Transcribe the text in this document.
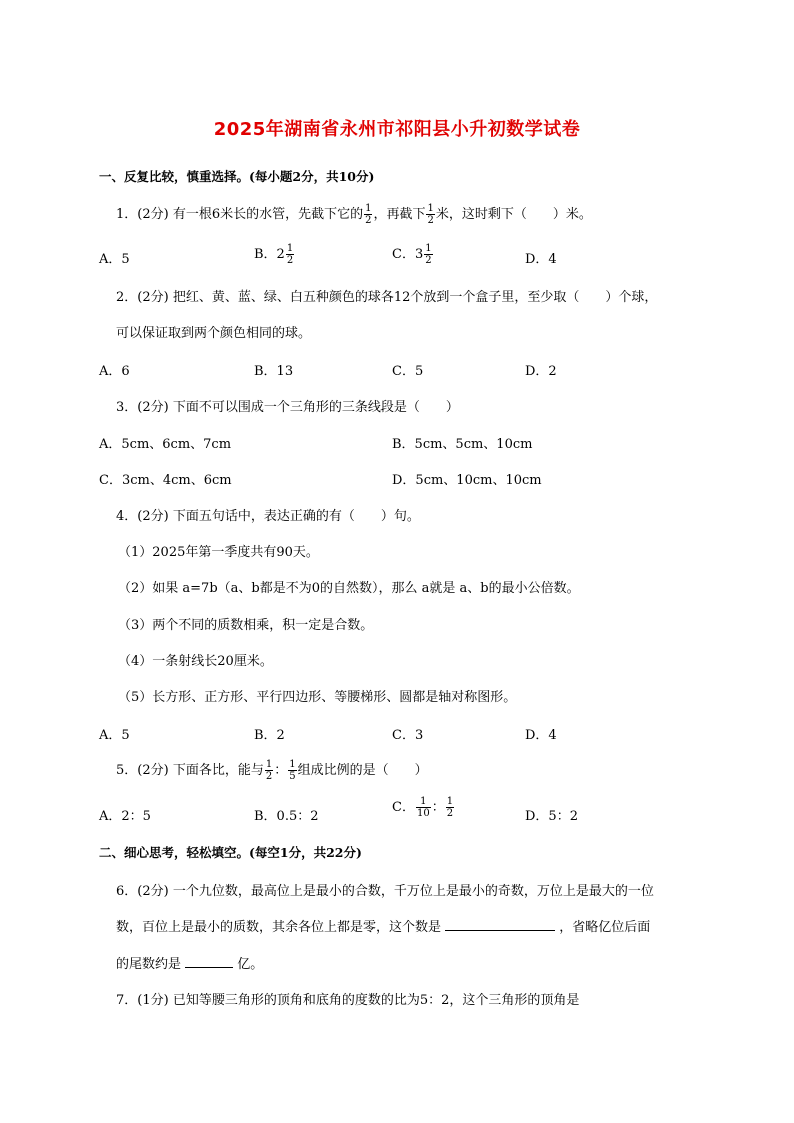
2025年湖南省永州市祁阳县小升初数学试卷
一、反复比较，慎重选择。(每小题2分，共10分)
1．(2分) 有一根6米长的水管，先截下它的 $\frac{1}{2}$ ，再截下 $\frac{1}{2}$ 米，这时剩下（　　）米。
A．5	B．$2 \frac{1}{2}$	C．$3 \frac{1}{2}$	D．4
2．(2分) 把红、黄、蓝、绿、白五种颜色的球各12个放到一个盒子里，至少取（　　）个球，
可以保证取到两个颜色相同的球。
A．6	B．13	C．5	D．2
3．(2分) 下面不可以围成一个三角形的三条线段是（　　）
A．5cm、6cm、7cm	B．5cm、5cm、10cm
C．3cm、4cm、6cm	D．5cm、10cm、10cm
4．(2分) 下面五句话中，表达正确的有（　　）句。
（1）2025年第一季度共有90天。
（2）如果 a=7b（a、b都是不为0的自然数），那么 a就是 a、b的最小公倍数。
（3）两个不同的质数相乘，积一定是合数。
（4）一条射线长20厘米。
（5）长方形、正方形、平行四边形、等腰梯形、圆都是轴对称图形。
A．5	B．2	C．3	D．4
5．(2分) 下面各比，能与 $\frac{1}{2}$ ： $\frac{1}{5}$ 组成比例的是（　　）
A．2：5	B．0.5：2
C． $\frac{1}{10}$ ： $\frac{1}{2}$	D．5：2
二、细心思考，轻松填空。(每空1分，共22分)
6．(2分) 一个九位数，最高位上是最小的合数，千万位上是最小的奇数，万位上是最大的一位
数，百位上是最小的质数，其余各位上都是零，这个数是	，省略亿位后面
的尾数约是	亿。
7．(1分) 已知等腰三角形的顶角和底角的度数的比为5：2，这个三角形的顶角是
